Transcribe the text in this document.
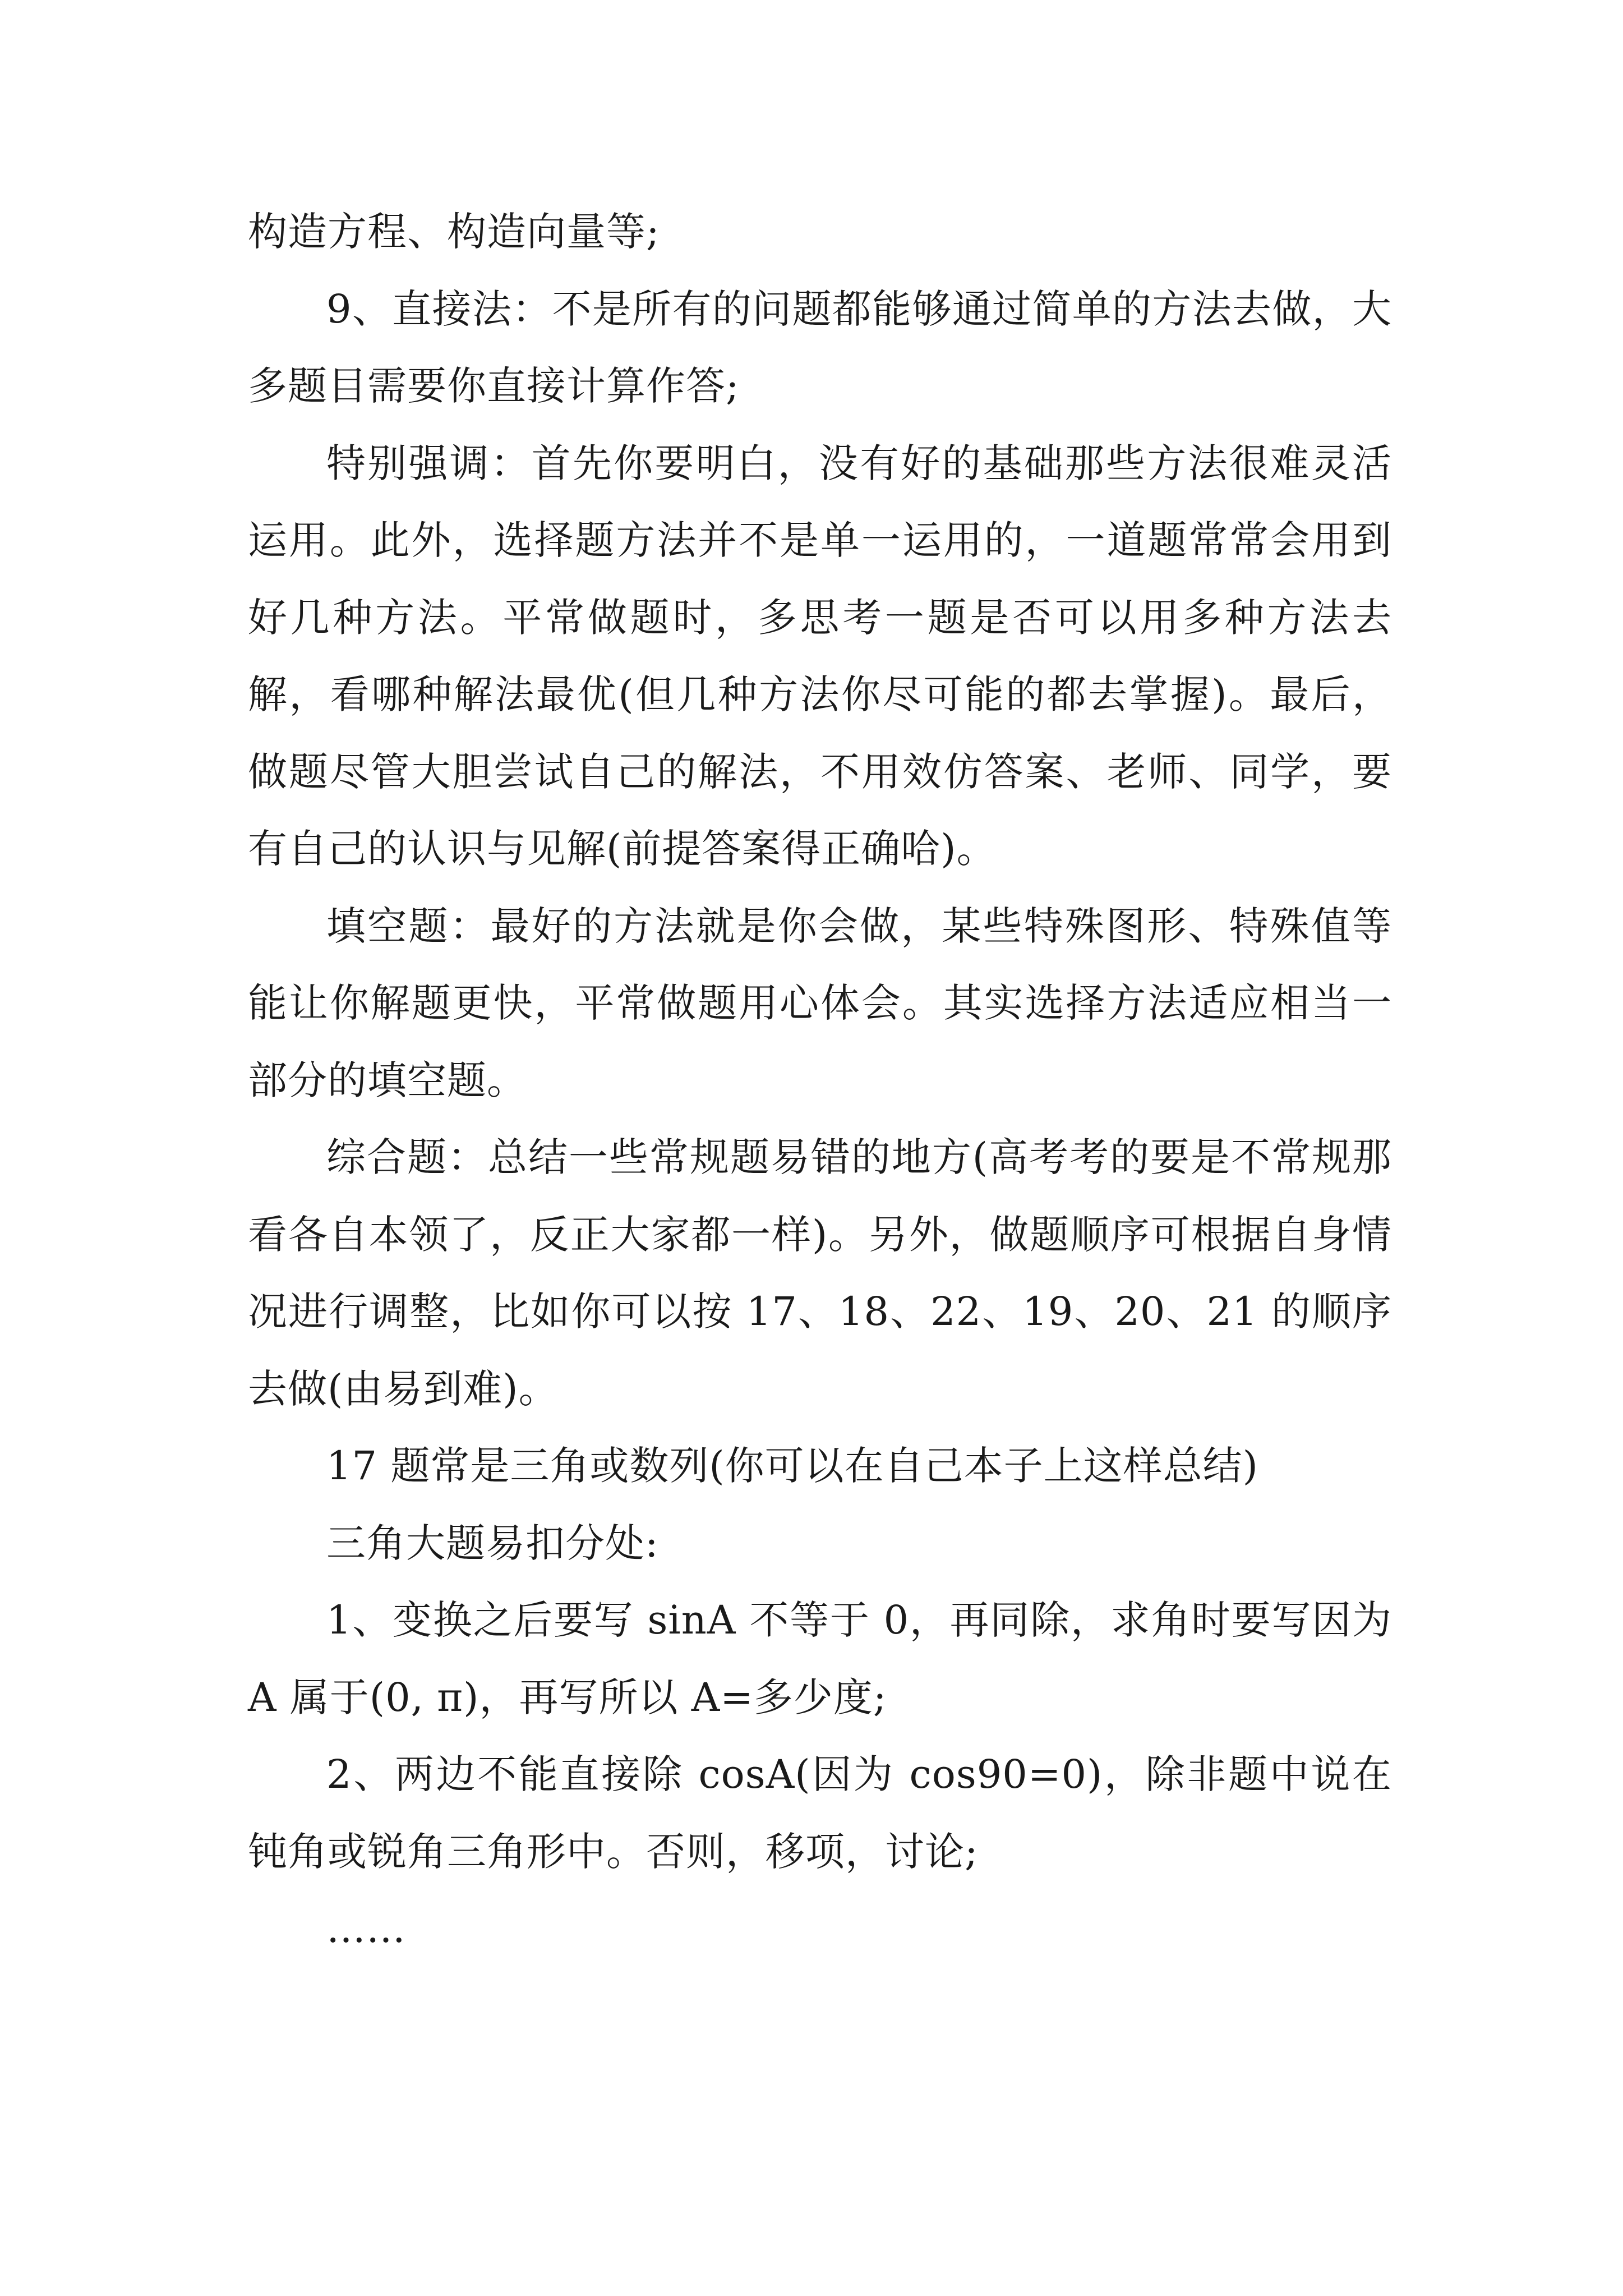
构造方程、构造向量等;

9、直接法：不是所有的问题都能够通过简单的方法去做，大多题目需要你直接计算作答;

特别强调：首先你要明白，没有好的基础那些方法很难灵活运用。此外，选择题方法并不是单一运用的，一道题常常会用到好几种方法。平常做题时，多思考一题是否可以用多种方法去解，看哪种解法最优(但几种方法你尽可能的都去掌握)。最后，做题尽管大胆尝试自己的解法，不用效仿答案、老师、同学，要有自己的认识与见解(前提答案得正确哈)。

填空题：最好的方法就是你会做，某些特殊图形、特殊值等能让你解题更快，平常做题用心体会。其实选择方法适应相当一部分的填空题。

综合题：总结一些常规题易错的地方(高考考的要是不常规那看各自本领了，反正大家都一样)。另外，做题顺序可根据自身情况进行调整，比如你可以按 17、18、22、19、20、21 的顺序去做(由易到难)。

17 题常是三角或数列(你可以在自己本子上这样总结)

三角大题易扣分处:

1、变换之后要写 sinA 不等于 0，再同除，求角时要写因为 A 属于(0, π)，再写所以 A=多少度;

2、两边不能直接除 cosA(因为 cos90=0)，除非题中说在钝角或锐角三角形中。否则，移项，讨论;

……
